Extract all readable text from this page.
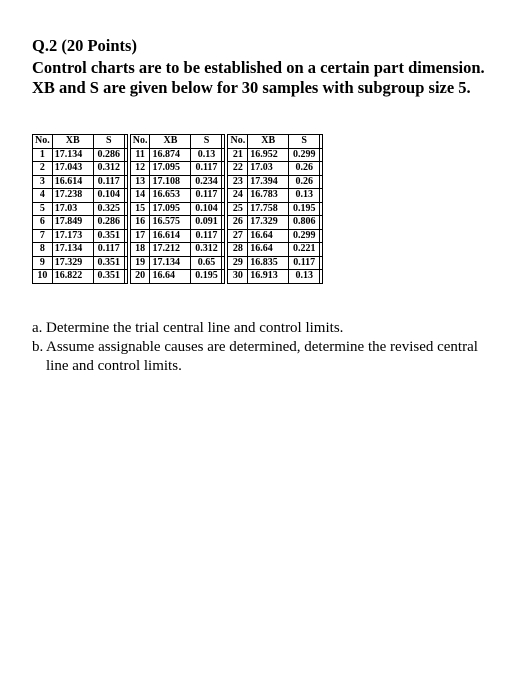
Q.2 (20 Points)
Control charts are to be established on a certain part dimension. XB and S are given below for 30 samples with subgroup size 5.
No.	XB	S	
1	17.134	0.286	
2	17.043	0.312	
3	16.614	0.117	
4	17.238	0.104	
5	17.03	0.325	
6	17.849	0.286	
7	17.173	0.351	
8	17.134	0.117	
9	17.329	0.351	
10	16.822	0.351	
No.	XB	S	
11	16.874	0.13	
12	17.095	0.117	
13	17.108	0.234	
14	16.653	0.117	
15	17.095	0.104	
16	16.575	0.091	
17	16.614	0.117	
18	17.212	0.312	
19	17.134	0.65	
20	16.64	0.195	
No.	XB	S	
21	16.952	0.299	
22	17.03	0.26	
23	17.394	0.26	
24	16.783	0.13	
25	17.758	0.195	
26	17.329	0.806	
27	16.64	0.299	
28	16.64	0.221	
29	16.835	0.117	
30	16.913	0.13	
a. Determine the trial central line and control limits.
b. Assume assignable causes are determined, determine the revised central line and control limits.
